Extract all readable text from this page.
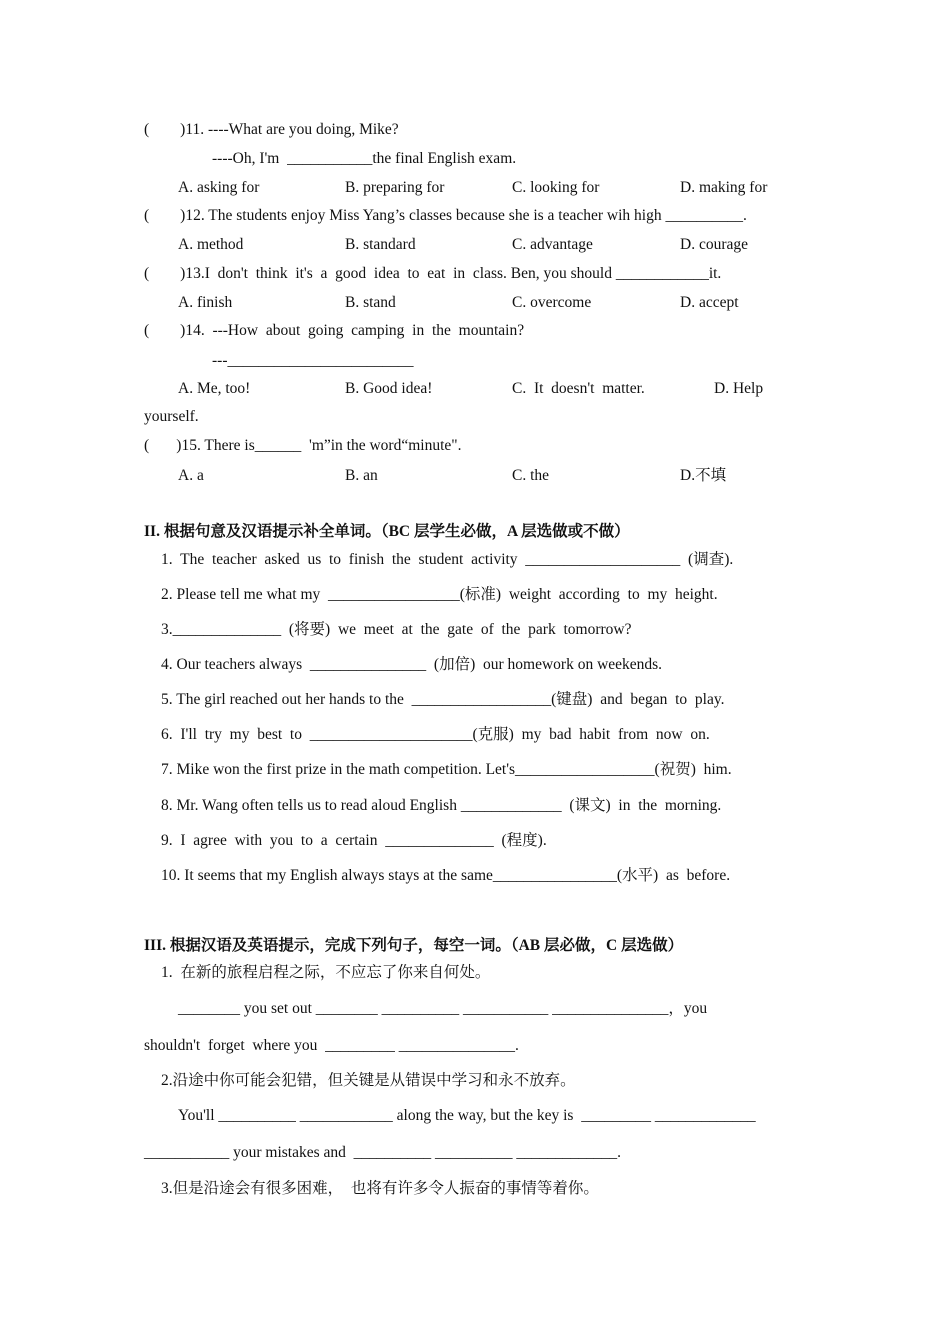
(        )11. ----What are you doing, Mike?
----Oh, I'm  ___________the final English exam.
A. asking for	B. preparing for	C. looking for	D. making for
(        )12. The students enjoy Miss Yang’s classes because she is a teacher wih high __________.
A. method	B. standard	C. advantage	D. courage
(        )13.I  don't  think  it's  a  good  idea  to  eat  in  class. Ben, you should ____________it.
A. finish	B. stand	C. overcome	D. accept
(        )14.  ---How  about  going  camping  in  the  mountain?
---________________________
A. Me, too!	B. Good idea!	C.  It  doesn't  matter.	D. Help
yourself.
(       )15. There is______  'm”in the word“minute".
A. a	B. an	C. the	D.不填
II. 根据句意及汉语提示补全单词。（BC 层学生必做，A 层选做或不做）
1.  The  teacher  asked  us  to  finish  the  student  activity  ____________________  (调查).
2. Please tell me what my  _________________(标准)  weight  according  to  my  height.
3.______________  (将要)  we  meet  at  the  gate  of  the  park  tomorrow?
4. Our teachers always  _______________  (加倍)  our homework on weekends.
5. The girl reached out her hands to the  __________________(键盘)  and  began  to  play.
6.  I'll  try  my  best  to  _____________________(克服)  my  bad  habit  from  now  on.
7. Mike won the first prize in the math competition. Let's__________________(祝贺)  him.
8. Mr. Wang often tells us to read aloud English _____________  (课文)  in  the  morning.
9.  I  agree  with  you  to  a  certain  ______________  (程度).
10. It seems that my English always stays at the same________________(水平)  as  before.
III. 根据汉语及英语提示，完成下列句子，每空一词。（AB 层必做，C 层选做）
1.  在新的旅程启程之际，不应忘了你来自何处。
________ you set out ________ __________ ___________ _______________，you
shouldn't  forget  where you  _________ _______________.
2.沿途中你可能会犯错，但关键是从错误中学习和永不放弃。
You'll __________ ____________ along the way, but the key is  _________ _____________
___________ your mistakes and  __________ __________ _____________.
3.但是沿途会有很多困难，  也将有许多令人振奋的事情等着你。
